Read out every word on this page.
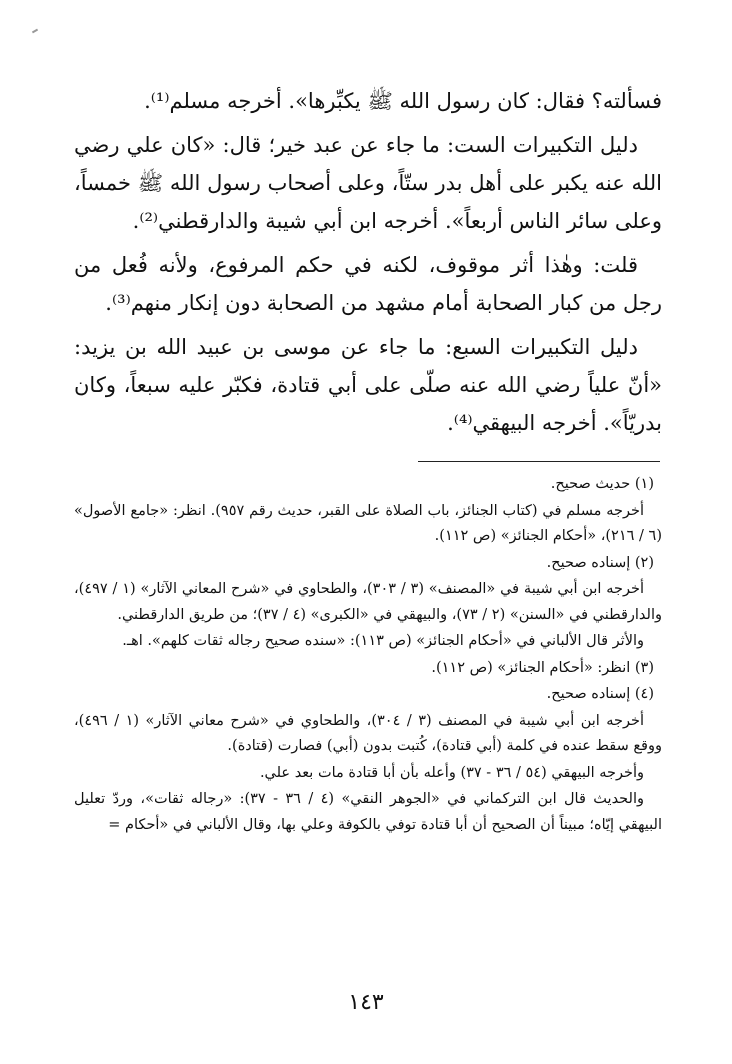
فسألته؟ فقال: كان رسول الله ﷺ يكبِّرها». أخرجه مسلم⁽¹⁾.

دليل التكبيرات الست: ما جاء عن عبد خير؛ قال: «كان علي رضي الله عنه يكبر على أهل بدر ستّاً، وعلى أصحاب رسول الله ﷺ خمساً، وعلى سائر الناس أربعاً». أخرجه ابن أبي شيبة والدارقطني⁽²⁾.

قلت: وهٰذا أثر موقوف، لكنه في حكم المرفوع، ولأنه فُعل من رجل من كبار الصحابة أمام مشهد من الصحابة دون إنكار منهم⁽³⁾.

دليل التكبيرات السبع: ما جاء عن موسى بن عبيد الله بن يزيد: «أنّ علياً رضي الله عنه صلّى على أبي قتادة، فكبّر عليه سبعاً، وكان بدريّاً». أخرجه البيهقي⁽⁴⁾.

(١) حديث صحيح.

أخرجه مسلم في (كتاب الجنائز، باب الصلاة على القبر، حديث رقم ٩٥٧). انظر: «جامع الأصول» (٦ / ٢١٦)، «أحكام الجنائز» (ص ١١٢).

(٢) إسناده صحيح.

أخرجه ابن أبي شيبة في «المصنف» (٣ / ٣٠٣)، والطحاوي في «شرح المعاني الآثار» (١ / ٤٩٧)، والدارقطني في «السنن» (٢ / ٧٣)، والبيهقي في «الكبرى» (٤ / ٣٧)؛ من طريق الدارقطني.

والأثر قال الألباني في «أحكام الجنائز» (ص ١١٣): «سنده صحيح رجاله ثقات كلهم». اهـ.

(٣) انظر: «أحكام الجنائز» (ص ١١٢).

(٤) إسناده صحيح.

أخرجه ابن أبي شيبة في المصنف (٣ / ٣٠٤)، والطحاوي في «شرح معاني الآثار» (١ / ٤٩٦)، ووقع سقط عنده في كلمة (أبي قتادة)، كُتبت بدون (أبي) فصارت (قتادة).

وأخرجه البيهقي (٥٤ / ٣٦ - ٣٧) وأعله بأن أبا قتادة مات بعد علي.

والحديث قال ابن التركماني في «الجوهر النقي» (٤ / ٣٦ - ٣٧): «رجاله ثقات»، وردّ تعليل البيهقي إيّاه؛ مبيناً أن الصحيح أن أبا قتادة توفي بالكوفة وعلي بها، وقال الألباني في «أحكام =

١٤٣
